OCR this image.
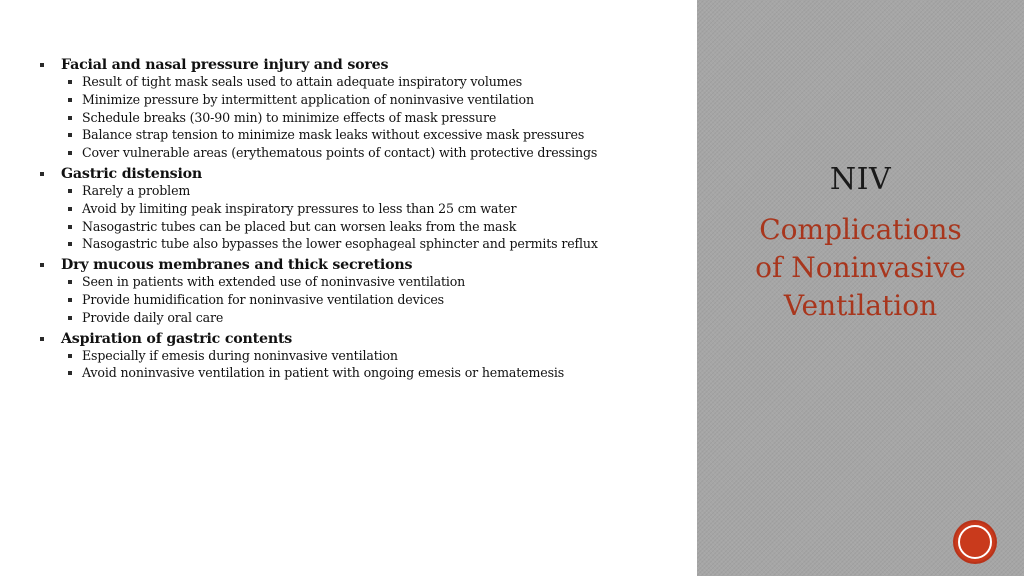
Facial and nasal pressure injury and sores
Result of tight mask seals used to attain adequate inspiratory volumes
Minimize pressure by intermittent application of noninvasive ventilation
Schedule breaks (30-90 min) to minimize effects of mask pressure
Balance strap tension to minimize mask leaks without excessive mask pressures
Cover vulnerable areas (erythematous points of contact) with protective dressings
Gastric distension
Rarely a problem
Avoid by limiting peak inspiratory pressures to less than 25 cm water
Nasogastric tubes can be placed but can worsen leaks from the mask
Nasogastric tube also bypasses the lower esophageal sphincter and permits reflux
Dry mucous membranes and thick secretions
Seen in patients with extended use of noninvasive ventilation
Provide humidification for noninvasive ventilation devices
Provide daily oral care
Aspiration of gastric contents
Especially if emesis during noninvasive ventilation
Avoid noninvasive ventilation in patient with ongoing emesis or hematemesis
NIV
Complications
of Noninvasive
Ventilation
